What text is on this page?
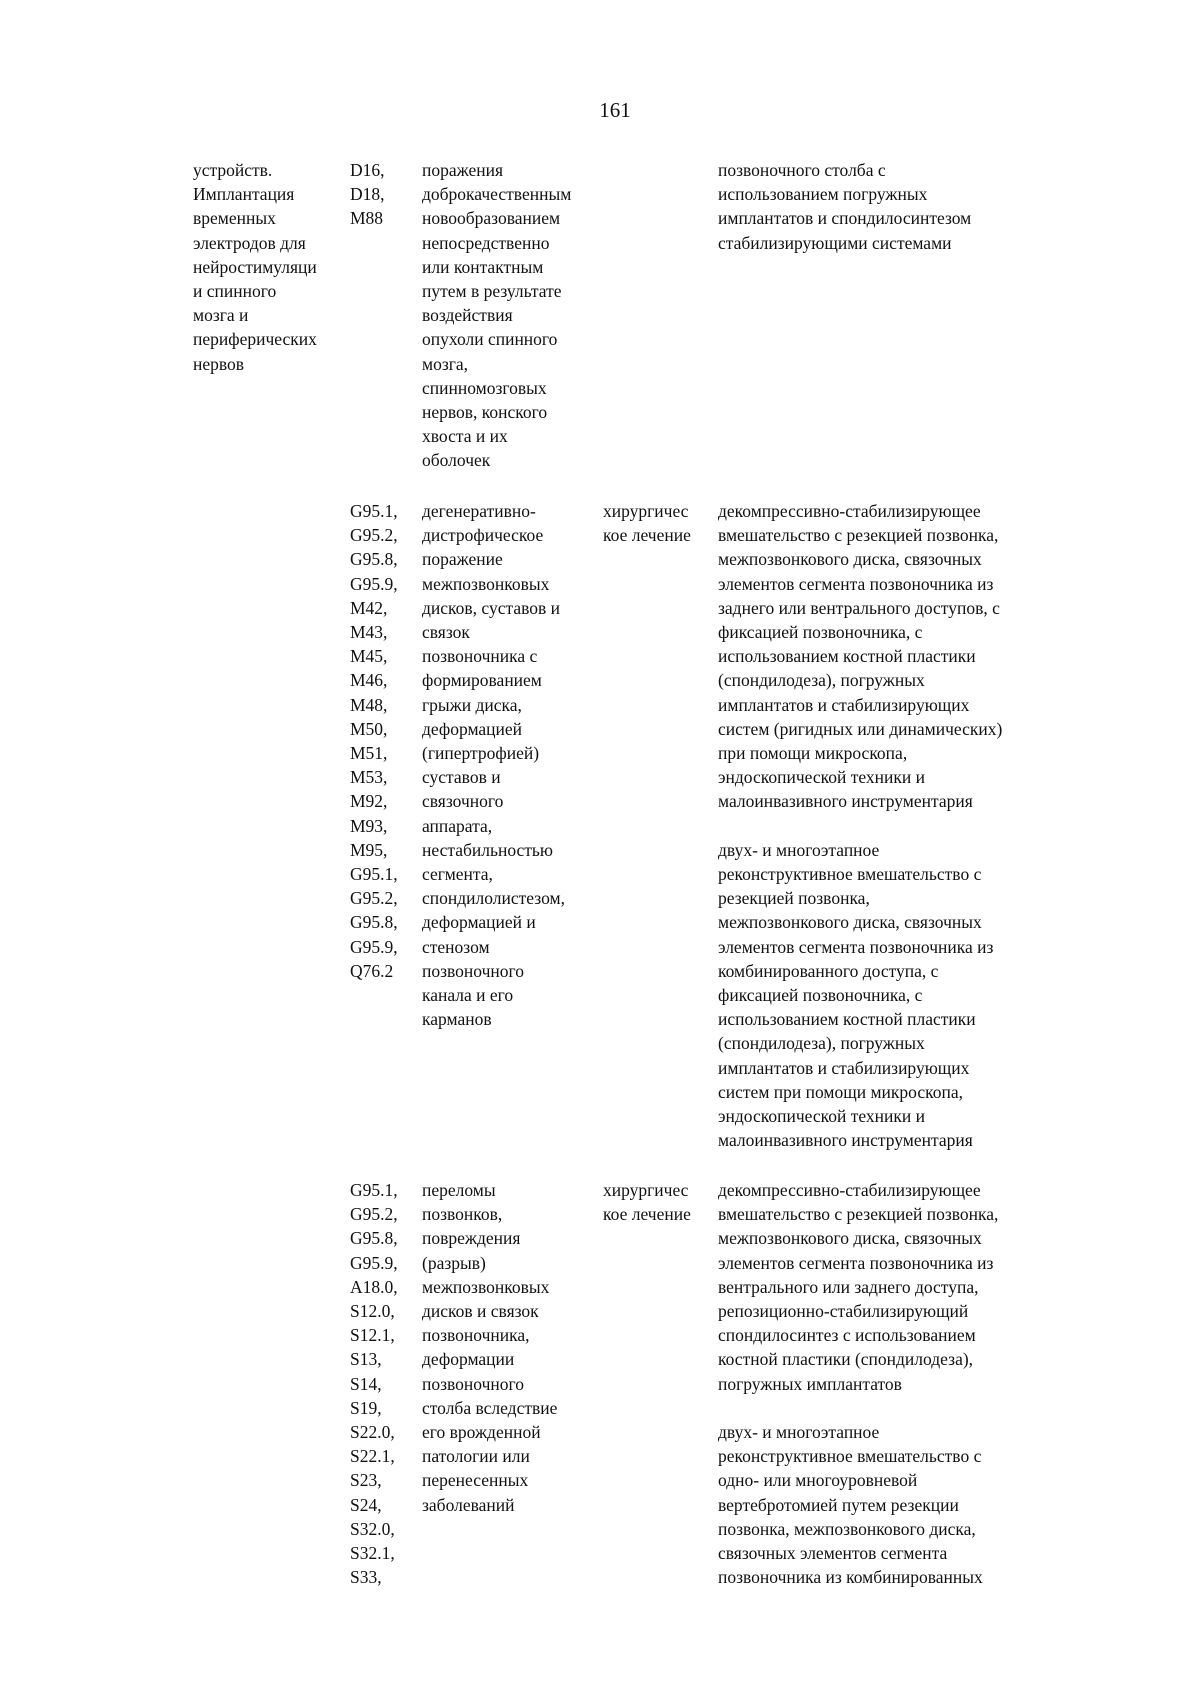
161

устройств.
Имплантация
временных
электродов для
нейростимуляци
и спинного
мозга и
периферических
нервов

D16,
D18,
M88

поражения
доброкачественным
новообразованием
непосредственно
или контактным
путем в результате
воздействия
опухоли спинного
мозга,
спинномозговых
нервов, конского
хвоста и их
оболочек

позвоночного столба с
использованием погружных
имплантатов и спондилосинтезом
стабилизирующими системами

G95.1,
G95.2,
G95.8,
G95.9,
M42,
M43,
M45,
M46,
M48,
M50,
M51,
M53,
M92,
M93,
M95,
G95.1,
G95.2,
G95.8,
G95.9,
Q76.2

дегенеративно-
дистрофическое
поражение
межпозвонковых
дисков, суставов и
связок
позвоночника с
формированием
грыжи диска,
деформацией
(гипертрофией)
суставов и
связочного
аппарата,
нестабильностью
сегмента,
спондилолистезом,
деформацией и
стенозом
позвоночного
канала и его
карманов

хирургичес
кое лечение

декомпрессивно-стабилизирующее
вмешательство с резекцией позвонка,
межпозвонкового диска, связочных
элементов сегмента позвоночника из
заднего или вентрального доступов, с
фиксацией позвоночника, с
использованием костной пластики
(спондилодеза), погружных
имплантатов и стабилизирующих
систем (ригидных или динамических)
при помощи микроскопа,
эндоскопической техники и
малоинвазивного инструментария

двух- и многоэтапное
реконструктивное вмешательство с
резекцией позвонка,
межпозвонкового диска, связочных
элементов сегмента позвоночника из
комбинированного доступа, с
фиксацией позвоночника, с
использованием костной пластики
(спондилодеза), погружных
имплантатов и стабилизирующих
систем при помощи микроскопа,
эндоскопической техники и
малоинвазивного инструментария

G95.1,
G95.2,
G95.8,
G95.9,
A18.0,
S12.0,
S12.1,
S13,
S14,
S19,
S22.0,
S22.1,
S23,
S24,
S32.0,
S32.1,
S33,

переломы
позвонков,
повреждения
(разрыв)
межпозвонковых
дисков и связок
позвоночника,
деформации
позвоночного
столба вследствие
его врожденной
патологии или
перенесенных
заболеваний

хирургичес
кое лечение

декомпрессивно-стабилизирующее
вмешательство с резекцией позвонка,
межпозвонкового диска, связочных
элементов сегмента позвоночника из
вентрального или заднего доступа,
репозиционно-стабилизирующий
спондилосинтез с использованием
костной пластики (спондилодеза),
погружных имплантатов

двух- и многоэтапное
реконструктивное вмешательство с
одно- или многоуровневой
вертебротомией путем резекции
позвонка, межпозвонкового диска,
связочных элементов сегмента
позвоночника из комбинированных
